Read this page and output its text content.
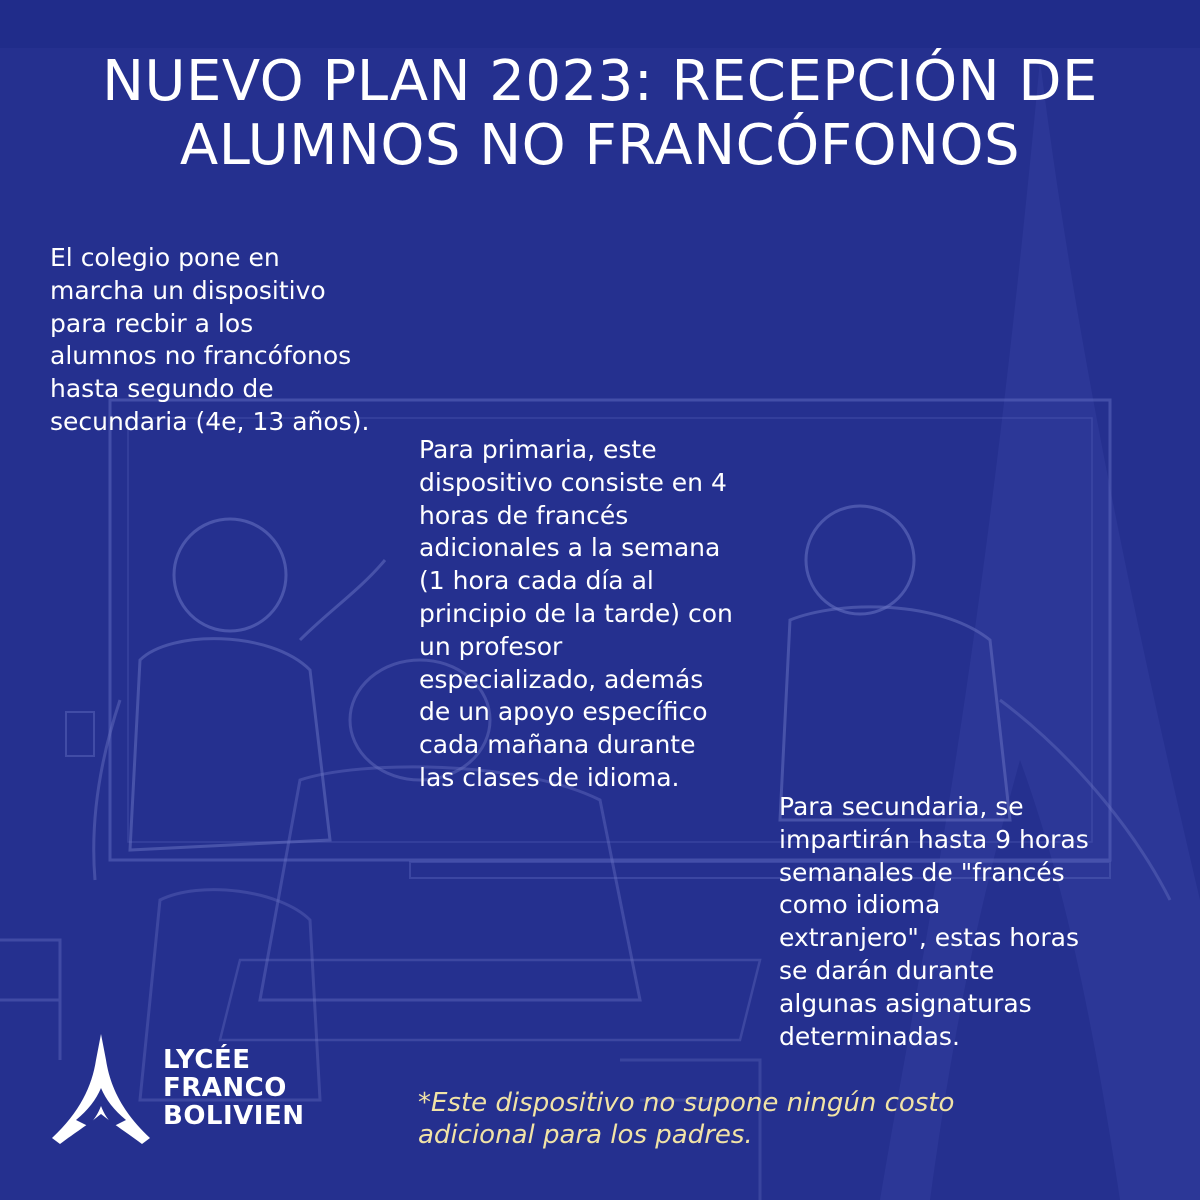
NUEVO PLAN 2023: RECEPCIÓN DE
ALUMNOS NO FRANCÓFONOS
El colegio pone en
marcha un dispositivo
para recbir a los
alumnos no francófonos
hasta segundo de
secundaria (4e, 13 años).
Para primaria, este
dispositivo consiste en 4
horas de francés
adicionales a la semana
(1 hora cada día al
principio de la tarde) con
un profesor
especializado, además
de un apoyo específico
cada mañana durante
las clases de idioma.
Para secundaria, se
impartirán hasta 9 horas
semanales de "francés
como idioma
extranjero", estas horas
se darán durante
algunas asignaturas
determinadas.
LYCÉE
FRANCO
BOLIVIEN	*Este dispositivo no supone ningún costo
adicional para los padres.
